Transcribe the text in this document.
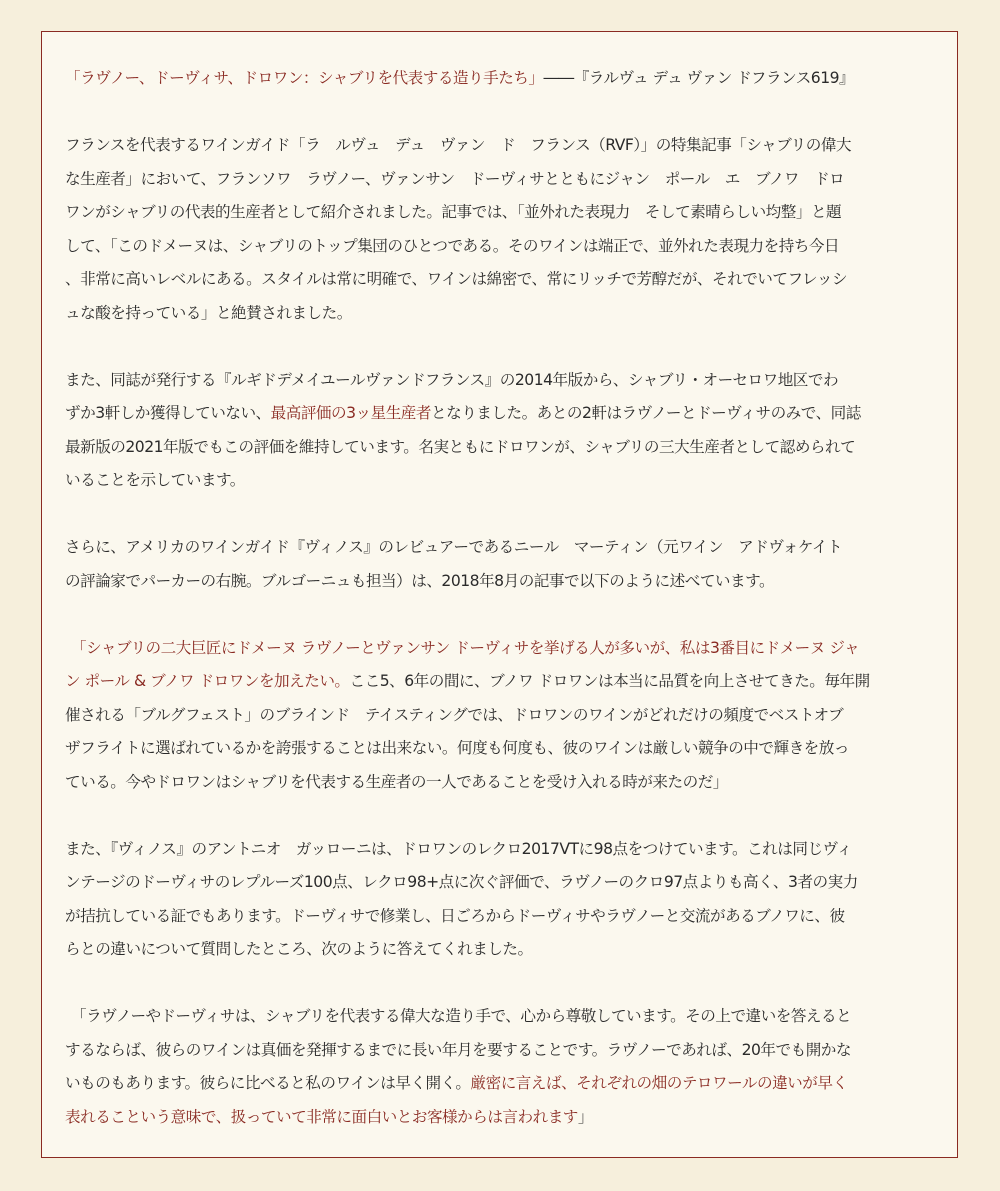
「ラヴノー、ドーヴィサ、ドロワン：シャブリを代表する造り手たち」――『ラルヴュ デュ ヴァン ドフランス619』
フランスを代表するワインガイド「ラ　ルヴュ　デュ　ヴァン　ド　フランス（RVF）」の特集記事「シャブリの偉大
な生産者」において、フランソワ　ラヴノー、ヴァンサン　ドーヴィサとともにジャン　ポール　エ　ブノワ　ドロ
ワンがシャブリの代表的生産者として紹介されました。記事では、「並外れた表現力　そして素晴らしい均整」と題
して、「このドメーヌは、シャブリのトップ集団のひとつである。そのワインは端正で、並外れた表現力を持ち今日
、非常に高いレベルにある。スタイルは常に明確で、ワインは綿密で、常にリッチで芳醇だが、それでいてフレッシ
ュな酸を持っている」と絶賛されました。
また、同誌が発行する『ルギドデメイユールヴァンドフランス』の2014年版から、シャブリ・オーセロワ地区でわ
ずか3軒しか獲得していない、最高評価の3ッ星生産者となりました。あとの2軒はラヴノーとドーヴィサのみで、同誌
最新版の2021年版でもこの評価を維持しています。名実ともにドロワンが、シャブリの三大生産者として認められて
いることを示しています。
さらに、アメリカのワインガイド『ヴィノス』のレビュアーであるニール　マーティン（元ワイン　アドヴォケイト
の評論家でパーカーの右腕。ブルゴーニュも担当）は、2018年8月の記事で以下のように述べています。
「シャブリの二大巨匠にドメーヌ ラヴノーとヴァンサン ドーヴィサを挙げる人が多いが、私は3番目にドメーヌ ジャ
ン ポール & ブノワ ドロワンを加えたい。ここ5、6年の間に、ブノワ ドロワンは本当に品質を向上させてきた。毎年開
催される「ブルグフェスト」のブラインド　テイスティングでは、ドロワンのワインがどれだけの頻度でベストオブ
ザフライトに選ばれているかを誇張することは出来ない。何度も何度も、彼のワインは厳しい競争の中で輝きを放っ
ている。今やドロワンはシャブリを代表する生産者の一人であることを受け入れる時が来たのだ」
また、『ヴィノス』のアントニオ　ガッローニは、ドロワンのレクロ2017VTに98点をつけています。これは同じヴィ
ンテージのドーヴィサのレプルーズ100点、レクロ98+点に次ぐ評価で、ラヴノーのクロ97点よりも高く、3者の実力
が拮抗している証でもあります。ドーヴィサで修業し、日ごろからドーヴィサやラヴノーと交流があるブノワに、彼
らとの違いについて質問したところ、次のように答えてくれました。
「ラヴノーやドーヴィサは、シャブリを代表する偉大な造り手で、心から尊敬しています。その上で違いを答えると
するならば、彼らのワインは真価を発揮するまでに長い年月を要することです。ラヴノーであれば、20年でも開かな
いものもあります。彼らに比べると私のワインは早く開く。厳密に言えば、それぞれの畑のテロワールの違いが早く
表れるこという意味で、扱っていて非常に面白いとお客様からは言われます」
